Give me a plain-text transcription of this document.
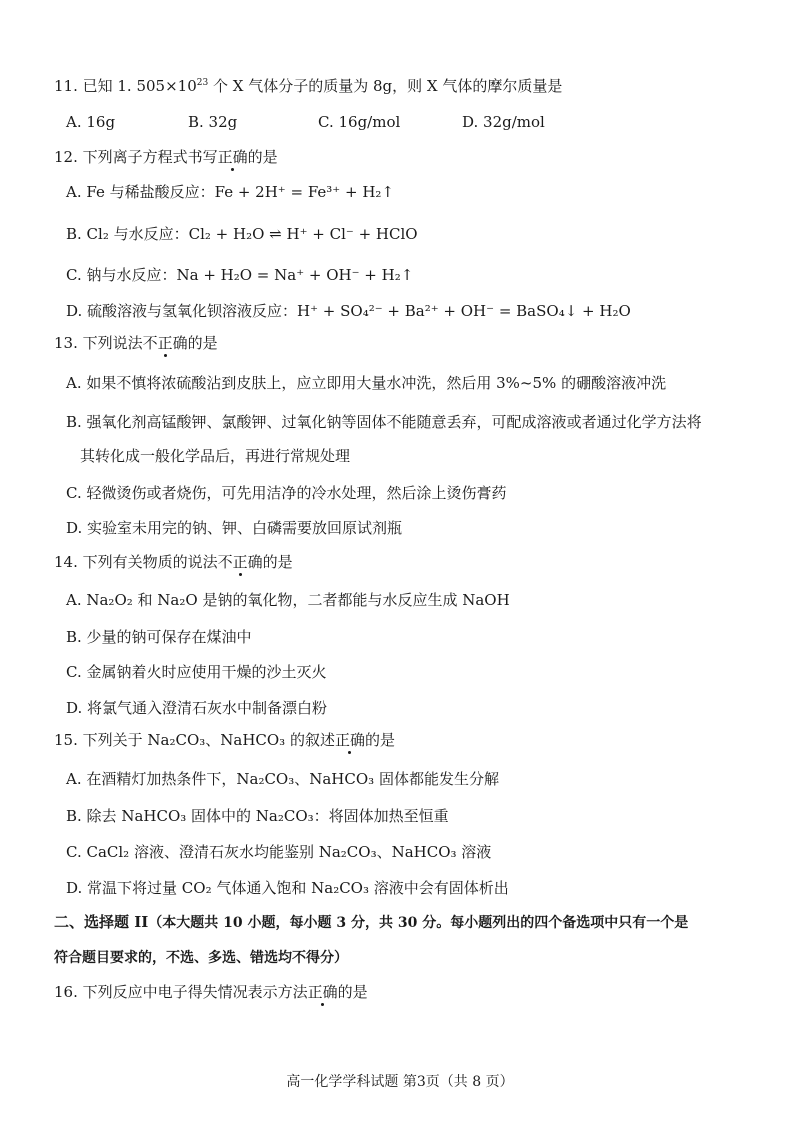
11. 已知 1. $505\times 10^{23}$ 个 X 气体分子的质量为 8g，则 X 气体的摩尔质量是
A. 16g	B. 32g	C. 16g/mol	D. 32g/mol
12. 下列离子方程式书写正确的是
A. Fe 与稀盐酸反应：Fe + 2H⁺ = Fe³⁺ + H₂↑
B. Cl₂ 与水反应：Cl₂ + H₂O ⇌ H⁺ + Cl⁻ + HClO
C. 钠与水反应：Na + H₂O = Na⁺ + OH⁻ + H₂↑
D. 硫酸溶液与氢氧化钡溶液反应：H⁺ + SO₄²⁻ + Ba²⁺ + OH⁻ = BaSO₄↓ + H₂O
13. 下列说法不正确的是
A. 如果不慎将浓硫酸沾到皮肤上，应立即用大量水冲洗，然后用 3%~5% 的硼酸溶液冲洗
B. 强氧化剂高锰酸钾、氯酸钾、过氧化钠等固体不能随意丢弃，可配成溶液或者通过化学方法将
其转化成一般化学品后，再进行常规处理
C. 轻微烫伤或者烧伤，可先用洁净的冷水处理，然后涂上烫伤膏药
D. 实验室未用完的钠、钾、白磷需要放回原试剂瓶
14. 下列有关物质的说法不正确的是
A. Na₂O₂ 和 Na₂O 是钠的氧化物，二者都能与水反应生成 NaOH
B. 少量的钠可保存在煤油中
C. 金属钠着火时应使用干燥的沙土灭火
D. 将氯气通入澄清石灰水中制备漂白粉
15. 下列关于 Na₂CO₃、NaHCO₃ 的叙述正确的是
A. 在酒精灯加热条件下，Na₂CO₃、NaHCO₃ 固体都能发生分解
B. 除去 NaHCO₃ 固体中的 Na₂CO₃：将固体加热至恒重
C. CaCl₂ 溶液、澄清石灰水均能鉴别 Na₂CO₃、NaHCO₃ 溶液
D. 常温下将过量 CO₂ 气体通入饱和 Na₂CO₃ 溶液中会有固体析出
二、选择题 II（本大题共 10 小题，每小题 3 分，共 30 分。每小题列出的四个备选项中只有一个是
符合题目要求的，不选、多选、错选均不得分）
16. 下列反应中电子得失情况表示方法正确的是
高一化学学科试题 第3页（共 8 页）
